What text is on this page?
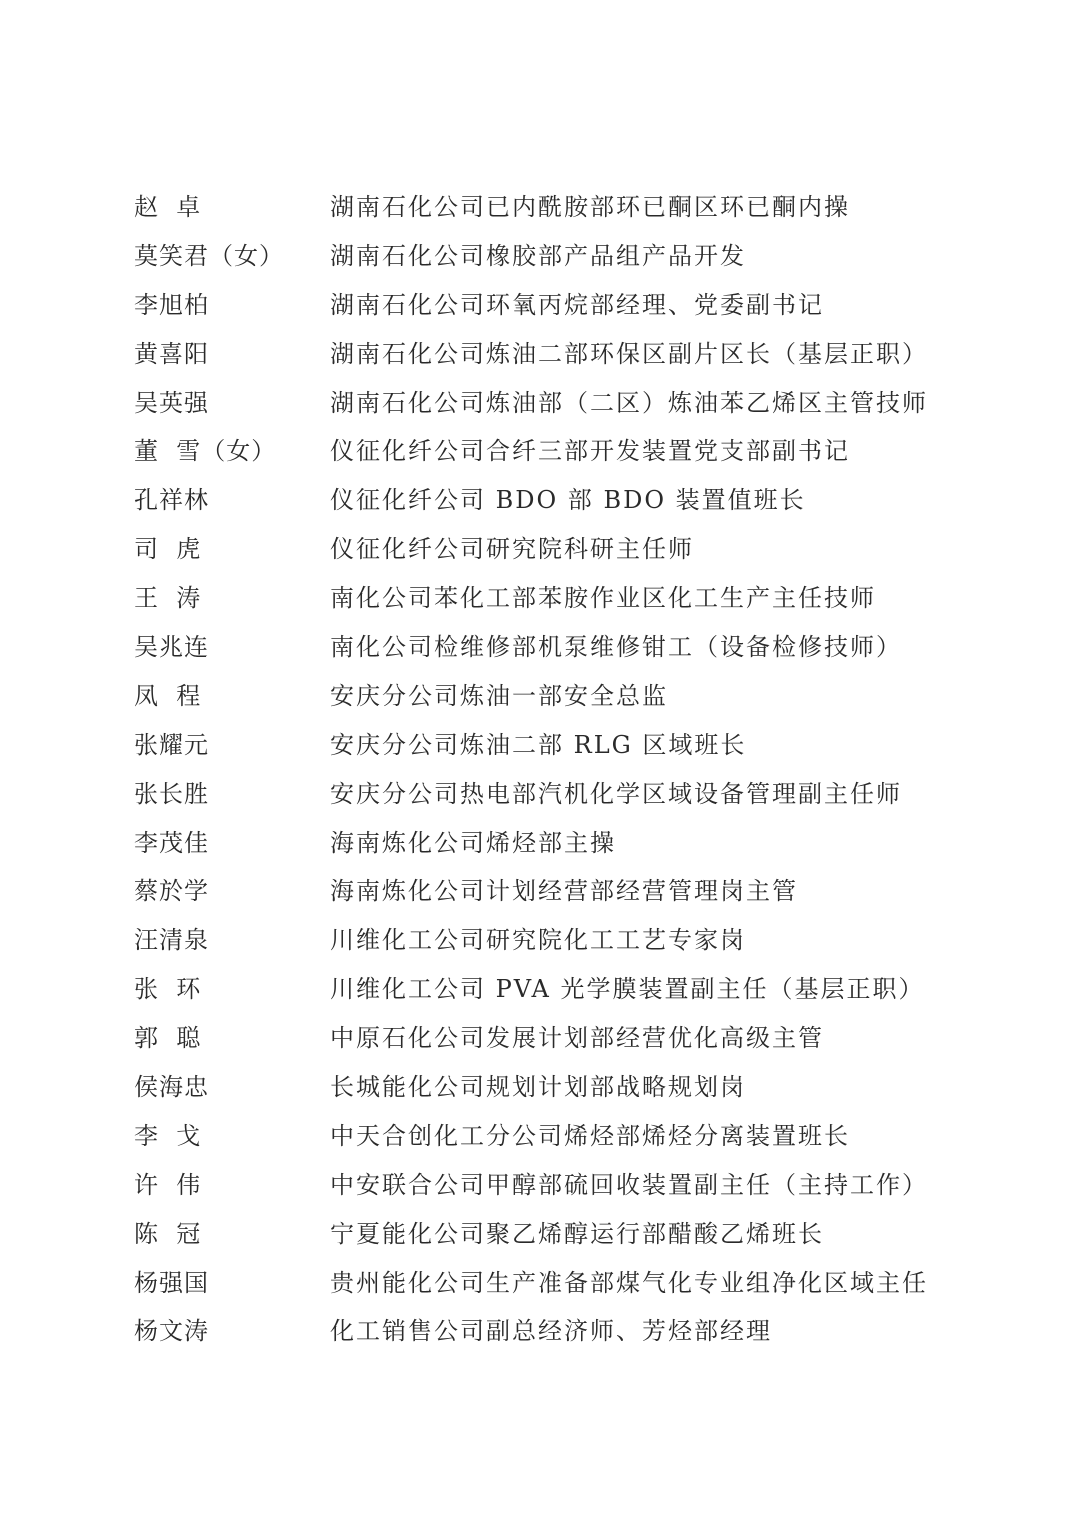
赵  卓	湖南石化公司已内酰胺部环已酮区环已酮内操
莫笑君（女）	湖南石化公司橡胶部产品组产品开发
李旭柏	湖南石化公司环氧丙烷部经理、党委副书记
黄喜阳	湖南石化公司炼油二部环保区副片区长（基层正职）
吴英强	湖南石化公司炼油部（二区）炼油苯乙烯区主管技师
董  雪（女）	仪征化纤公司合纤三部开发装置党支部副书记
孔祥林	仪征化纤公司 BDO 部 BDO 装置值班长
司  虎	仪征化纤公司研究院科研主任师
王  涛	南化公司苯化工部苯胺作业区化工生产主任技师
吴兆连	南化公司检维修部机泵维修钳工（设备检修技师）
凤  程	安庆分公司炼油一部安全总监
张耀元	安庆分公司炼油二部 RLG 区域班长
张长胜	安庆分公司热电部汽机化学区域设备管理副主任师
李茂佳	海南炼化公司烯烃部主操
蔡於学	海南炼化公司计划经营部经营管理岗主管
汪清泉	川维化工公司研究院化工工艺专家岗
张  环	川维化工公司 PVA 光学膜装置副主任（基层正职）
郭  聪	中原石化公司发展计划部经营优化高级主管
侯海忠	长城能化公司规划计划部战略规划岗
李  戈	中天合创化工分公司烯烃部烯烃分离装置班长
许  伟	中安联合公司甲醇部硫回收装置副主任（主持工作）
陈  冠	宁夏能化公司聚乙烯醇运行部醋酸乙烯班长
杨强国	贵州能化公司生产准备部煤气化专业组净化区域主任
杨文涛	化工销售公司副总经济师、芳烃部经理
